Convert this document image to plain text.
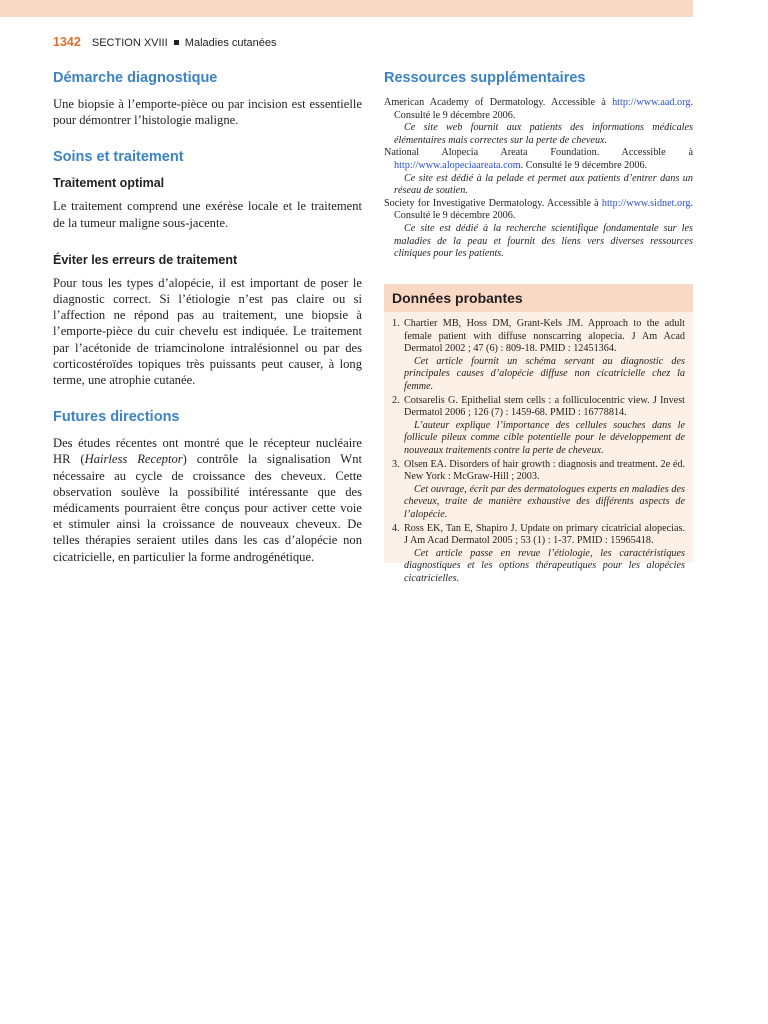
1342 SECTION XVIII Maladies cutanées
Démarche diagnostique

Une biopsie à l’emporte-pièce ou par incision est essentielle pour démontrer l’histologie maligne.

Soins et traitement
Traitement optimal

Le traitement comprend une exérèse locale et le traitement de la tumeur maligne sous-jacente.

Éviter les erreurs de traitement

Pour tous les types d’alopécie, il est important de poser le diagnostic correct. Si l’étiologie n’est pas claire ou si l’affection ne répond pas au traitement, une biopsie à l’emporte-pièce du cuir chevelu est indiquée. Le traitement par l’acétonide de triamcinolone intralésionnel ou par des corticostéroïdes topiques très puissants peut causer, à long terme, une atrophie cutanée.

Futures directions

Des études récentes ont montré que le récepteur nucléaire HR (Hairless Receptor) contrôle la signalisation Wnt nécessaire au cycle de croissance des cheveux. Cette observation soulève la possibilité intéressante que des médicaments pourraient être conçus pour activer cette voie et stimuler ainsi la croissance de nouveaux cheveux. De telles thérapies seraient utiles dans les cas d’alopécie non cicatricielle, en particulier la forme androgénétique.

Ressources supplémentaires
American Academy of Dermatology. Accessible à http://www.aad.org. Consulté le 9 décembre 2006.
Ce site web fournit aux patients des informations médicales élémentaires mais correctes sur la perte de cheveux.
National Alopecia Areata Foundation. Accessible à http://www.alopeciaareata.com. Consulté le 9 décembre 2006.
Ce site est dédié à la pelade et permet aux patients d’entrer dans un réseau de soutien.
Society for Investigative Dermatology. Accessible à http://www.sidnet.org. Consulté le 9 décembre 2006.
Ce site est dédié à la recherche scientifique fondamentale sur les maladies de la peau et fournit des liens vers diverses ressources cliniques pour les patients.
Données probantes
1. Chartier MB, Hoss DM, Grant-Kels JM. Approach to the adult female patient with diffuse nonscarring alopecia. J Am Acad Dermatol 2002 ; 47 (6) : 809-18. PMID : 12451364.
Cet article fournit un schéma servant au diagnostic des principales causes d’alopécie diffuse non cicatricielle chez la femme.
2. Cotsarelis G. Epithelial stem cells : a folliculocentric view. J Invest Dermatol 2006 ; 126 (7) : 1459-68. PMID : 16778814.
L’auteur explique l’importance des cellules souches dans le follicule pileux comme cible potentielle pour le développement de nouveaux traitements contre la perte de cheveux.
3. Olsen EA. Disorders of hair growth : diagnosis and treatment. 2e éd. New York : McGraw-Hill ; 2003.
Cet ouvrage, écrit par des dermatologues experts en maladies des cheveux, traite de manière exhaustive des différents aspects de l’alopécie.
4. Ross EK, Tan E, Shapiro J. Update on primary cicatricial alopecias. J Am Acad Dermatol 2005 ; 53 (1) : 1-37. PMID : 15965418.
Cet article passe en revue l’étiologie, les caractéristiques diagnostiques et les options thérapeutiques pour les alopécies cicatricielles.
